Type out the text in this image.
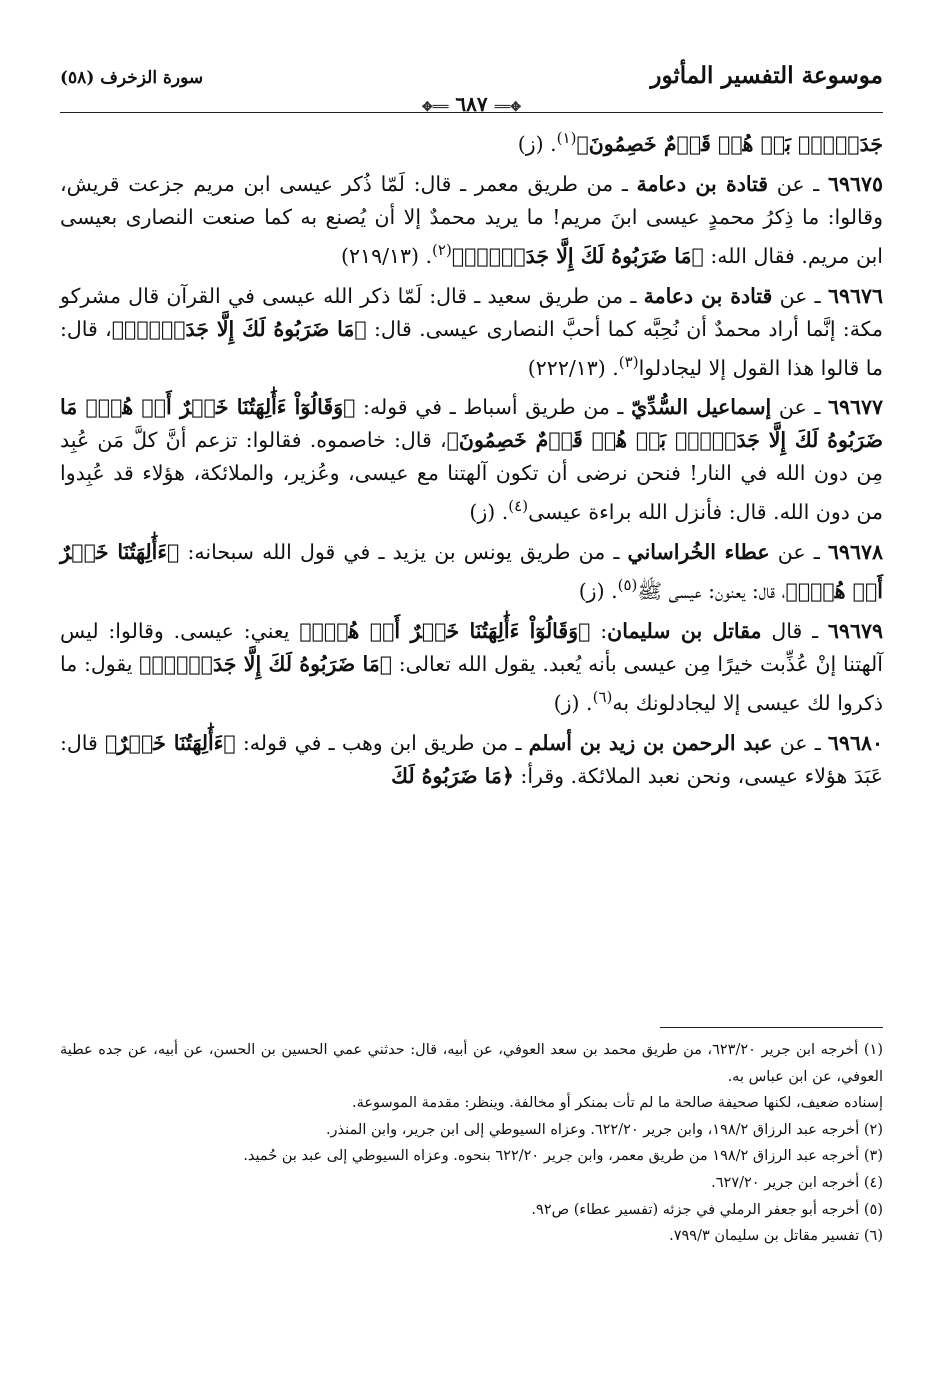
موسوعة التفسير المأثور
سورة الزخرف (٥٨)
✥══ ٦٨٧ ══✥

جَدَلَۢاۚ بَلۡ هُمۡ قَوۡمٌ خَصِمُونَ﴾$^{(١)}$. (ز)

٦٩٦٧٥ ـ عن قتادة بن دعامة ـ من طريق معمر ـ قال: لَمّا ذُكر عيسى ابن مريم جزعت قريش، وقالوا: ما ذِكرُ محمدٍ عيسى ابنَ مريم! ما يريد محمدٌ إلا أن يُصنع به كما صنعت النصارى بعيسى ابن مريم. فقال الله: ﴿مَا ضَرَبُوهُ لَكَ إِلَّا جَدَلَۢاۚ﴾$^{(٢)}$. (٢١٩/١٣)

٦٩٦٧٦ ـ عن قتادة بن دعامة ـ من طريق سعيد ـ قال: لَمّا ذكر الله عيسى في القرآن قال مشركو مكة: إنَّما أراد محمدٌ أن نُحِبَّه كما أحبَّ النصارى عيسى. قال: ﴿مَا ضَرَبُوهُ لَكَ إِلَّا جَدَلَۢاۚ﴾، قال: ما قالوا هذا القول إلا ليجادلوا$^{(٣)}$. (٢٢٢/١٣)

٦٩٦٧٧ ـ عن إسماعيل السُّدِّيّ ـ من طريق أسباط ـ في قوله: ﴿وَقَالُوٓاْ ءَأَٰلِهَتُنَا خَيۡرٌ أَمۡ هُوَۚ مَا ضَرَبُوهُ لَكَ إِلَّا جَدَلَۢاۚ بَلۡ هُمۡ قَوۡمٌ خَصِمُونَ﴾، قال: خاصموه. فقالوا: تزعم أنَّ كلَّ مَن عُبِد مِن دون الله في النار! فنحن نرضى أن تكون آلهتنا مع عيسى، وعُزير، والملائكة، هؤلاء قد عُبِدوا من دون الله. قال: فأنزل الله براءة عيسى$^{(٤)}$. (ز)

٦٩٦٧٨ ـ عن عطاء الخُراساني ـ من طريق يونس بن يزيد ـ في قول الله سبحانه: ﴿ءَأَٰلِهَتُنَا خَيۡرٌ أَمۡ هُوَۚ﴾، قال: يعنون: عيسى ﷺ$^{(٥)}$. (ز)

٦٩٦٧٩ ـ قال مقاتل بن سليمان: ﴿وَقَالُوٓاْ ءَأَٰلِهَتُنَا خَيۡرٌ أَمۡ هُوَۚ﴾ يعني: عيسى. وقالوا: ليس آلهتنا إنْ عُذِّبت خيرًا مِن عيسى بأنه يُعبد. يقول الله تعالى: ﴿مَا ضَرَبُوهُ لَكَ إِلَّا جَدَلَۢاۚ﴾ يقول: ما ذكروا لك عيسى إلا ليجادلونك به$^{(٦)}$. (ز)

٦٩٦٨٠ ـ عن عبد الرحمن بن زيد بن أسلم ـ من طريق ابن وهب ـ في قوله: ﴿ءَأَٰلِهَتُنَا خَيۡرٌ﴾ قال: عَبَدَ هؤلاء عيسى، ونحن نعبد الملائكة. وقرأ: ﴿مَا ضَرَبُوهُ لَكَ

(١) أخرجه ابن جرير ٦٢٣/٢٠، من طريق محمد بن سعد العوفي، عن أبيه، قال: حدثني عمي الحسين بن الحسن، عن أبيه، عن جده عطية العوفي، عن ابن عباس به.

إسناده ضعيف، لكنها صحيفة صالحة ما لم تأت بمنكر أو مخالفة. وينظر: مقدمة الموسوعة.

(٢) أخرجه عبد الرزاق ١٩٨/٢، وابن جرير ٦٢٢/٢٠. وعزاه السيوطي إلى ابن جرير، وابن المنذر.

(٣) أخرجه عبد الرزاق ١٩٨/٢ من طريق معمر، وابن جرير ٦٢٢/٢٠ بنحوه. وعزاه السيوطي إلى عبد بن حُميد.

(٤) أخرجه ابن جرير ٦٢٧/٢٠.

(٥) أخرجه أبو جعفر الرملي في جزئه (تفسير عطاء) ص٩٢.

(٦) تفسير مقاتل بن سليمان ٧٩٩/٣.
